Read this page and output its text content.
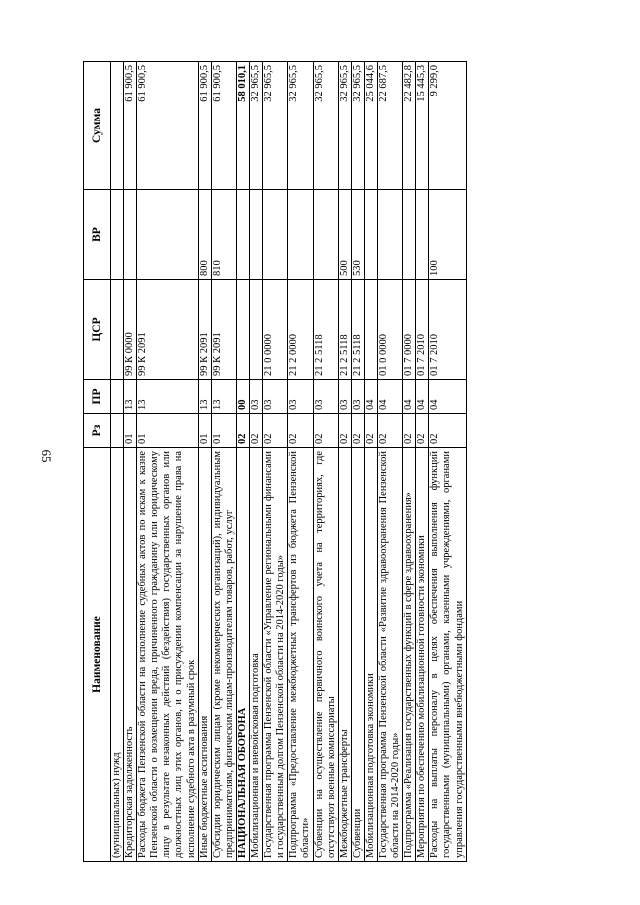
65
Наименование	Рз	ПР	ЦСР	ВР	Сумма
(муниципальных) нужд					
Кредиторская задолженность	01	13	99 К 0000		61 900,5
Расходы бюджета Пензенской области на исполнение судебных актов по искам к казне Пензенской области о возмещении вреда, причиненного гражданину или юридическому лицу в результате незаконных действий (бездействия) государственных органов или должностных лиц этих органов, и о присуждении компенсации за нарушение права на исполнение судебного акта в разумный срок	01	13	99 К 2091		61 900,5
Иные бюджетные ассигнования	01	13	99 К 2091	800	61 900,5
Субсидии юридическим лицам (кроме некоммерческих организаций), индивидуальным предпринимателям, физическим лицам-производителям товаров, работ, услуг	01	13	99 К 2091	810	61 900,5
НАЦИОНАЛЬНАЯ ОБОРОНА	02	00			58 010,1
Мобилизационная и вневойсковая подготовка	02	03			32 965,5
Государственная программа Пензенской области «Управление региональными финансами и государственным долгом Пензенской области на 2014-2020 годы»	02	03	21 0 0000		32 965,5
Подпрограмма «Предоставление межбюджетных трансфертов из бюджета Пензенской области»	02	03	21 2 0000		32 965,5
Субвенции на осуществление первичного воинского учета на территориях, где отсутствуют военные комиссариаты	02	03	21 2 5118		32 965,5
Межбюджетные трансферты	02	03	21 2 5118	500	32 965,5
Субвенции	02	03	21 2 5118	530	32 965,5
Мобилизационная подготовка экономики	02	04			25 044,6
Государственная программа Пензенской области «Развитие здравоохранения Пензенской области на 2014-2020 годы»	02	04	01 0 0000		22 687,5
Подпрограмма «Реализация государственных функций в сфере здравоохранения»	02	04	01 7 0000		22 482,8
Мероприятия по обеспечению мобилизационной готовности экономики	02	04	01 7 2010		15 445,3
Расходы на выплаты персоналу в целях обеспечения выполнения функций государственными (муниципальными) органами, казенными учреждениями, органами управления государственными внебюджетными фондами	02	04	01 7 2010	100	9 299,0
